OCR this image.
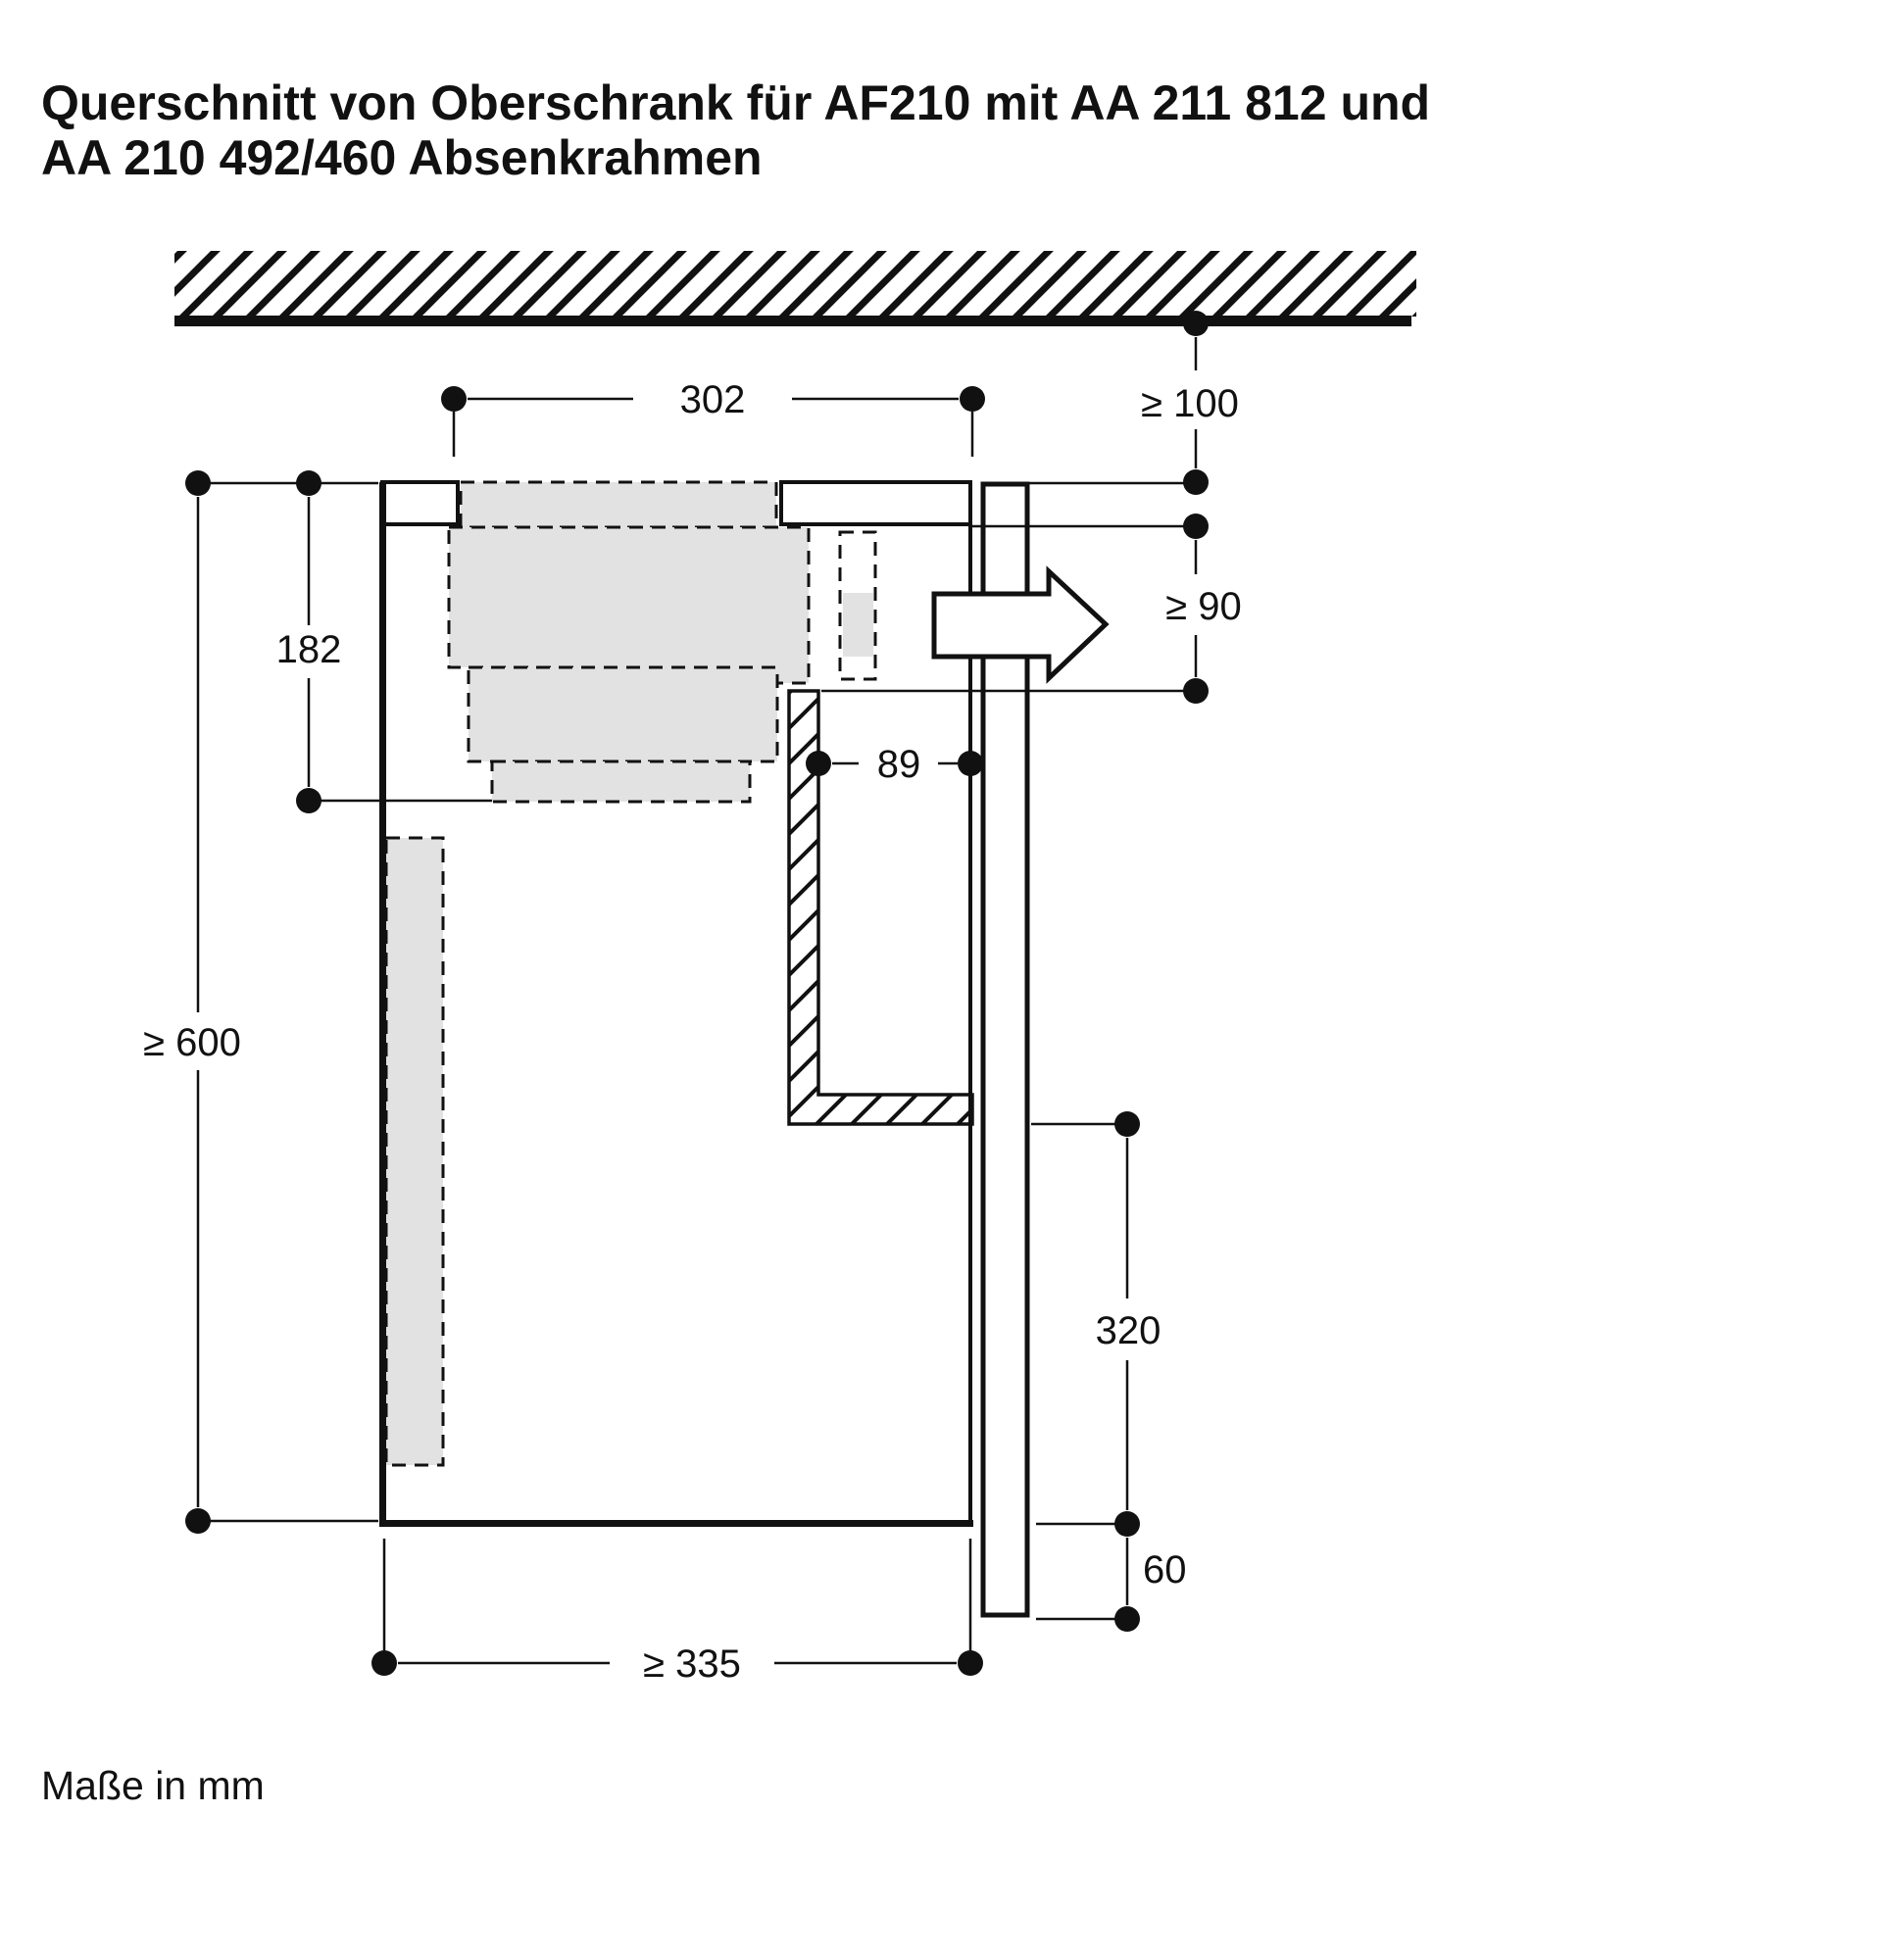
Querschnitt von Oberschrank für AF210 mit AA 211 812 und
AA 210 492/460 Absenkrahmen
302	≥ 100
≥ 90
182
≥ 600
89
320
60
≥ 335
Maße in mm
